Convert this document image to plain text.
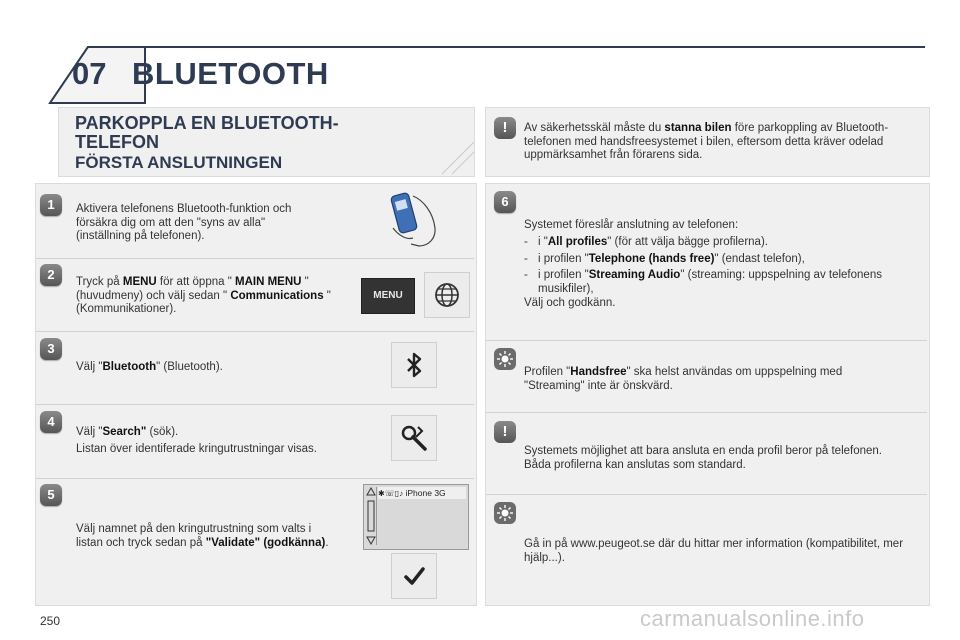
07 BLUETOOTH
PARKOPPLA EN BLUETOOTH-
TELEFON
FÖRSTA ANSLUTNINGEN
!	Av säkerhetsskäl måste du stanna bilen före parkoppling av Bluetooth-telefonen med handsfreesystemet i bilen, eftersom detta kräver odelad uppmärksamhet från förarens sida.
1	Aktivera telefonens Bluetooth-funktion och försäkra dig om att den "syns av alla" (inställning på telefonen).
2	Tryck på MENU för att öppna " MAIN MENU " (huvudmeny) och välj sedan " Communications " (Kommunikationer).
MENU
3
Välj "Bluetooth" (Bluetooth).
4
Välj "Search" (sök).
Listan över identiferade kringutrustningar visas.
5
Välj namnet på den kringutrustning som valts i listan och tryck sedan på "Validate" (godkänna).
✱☏▯♪ iPhone 3G
6
Systemet föreslår anslutning av telefonen:
- i "All profiles" (för att välja bägge profilerna).
- i profilen "Telephone (hands free)" (endast telefon),
- i profilen "Streaming Audio" (streaming: uppspelning av telefonens musikfiler),
Välj och godkänn.
Profilen "Handsfree" ska helst användas om uppspelning med "Streaming" inte är önskvärd.
!
Systemets möjlighet att bara ansluta en enda profil beror på telefonen. Båda profilerna kan anslutas som standard.
Gå in på www.peugeot.se där du hittar mer information (kompatibilitet, mer hjälp...).
250	carmanualsonline.info
